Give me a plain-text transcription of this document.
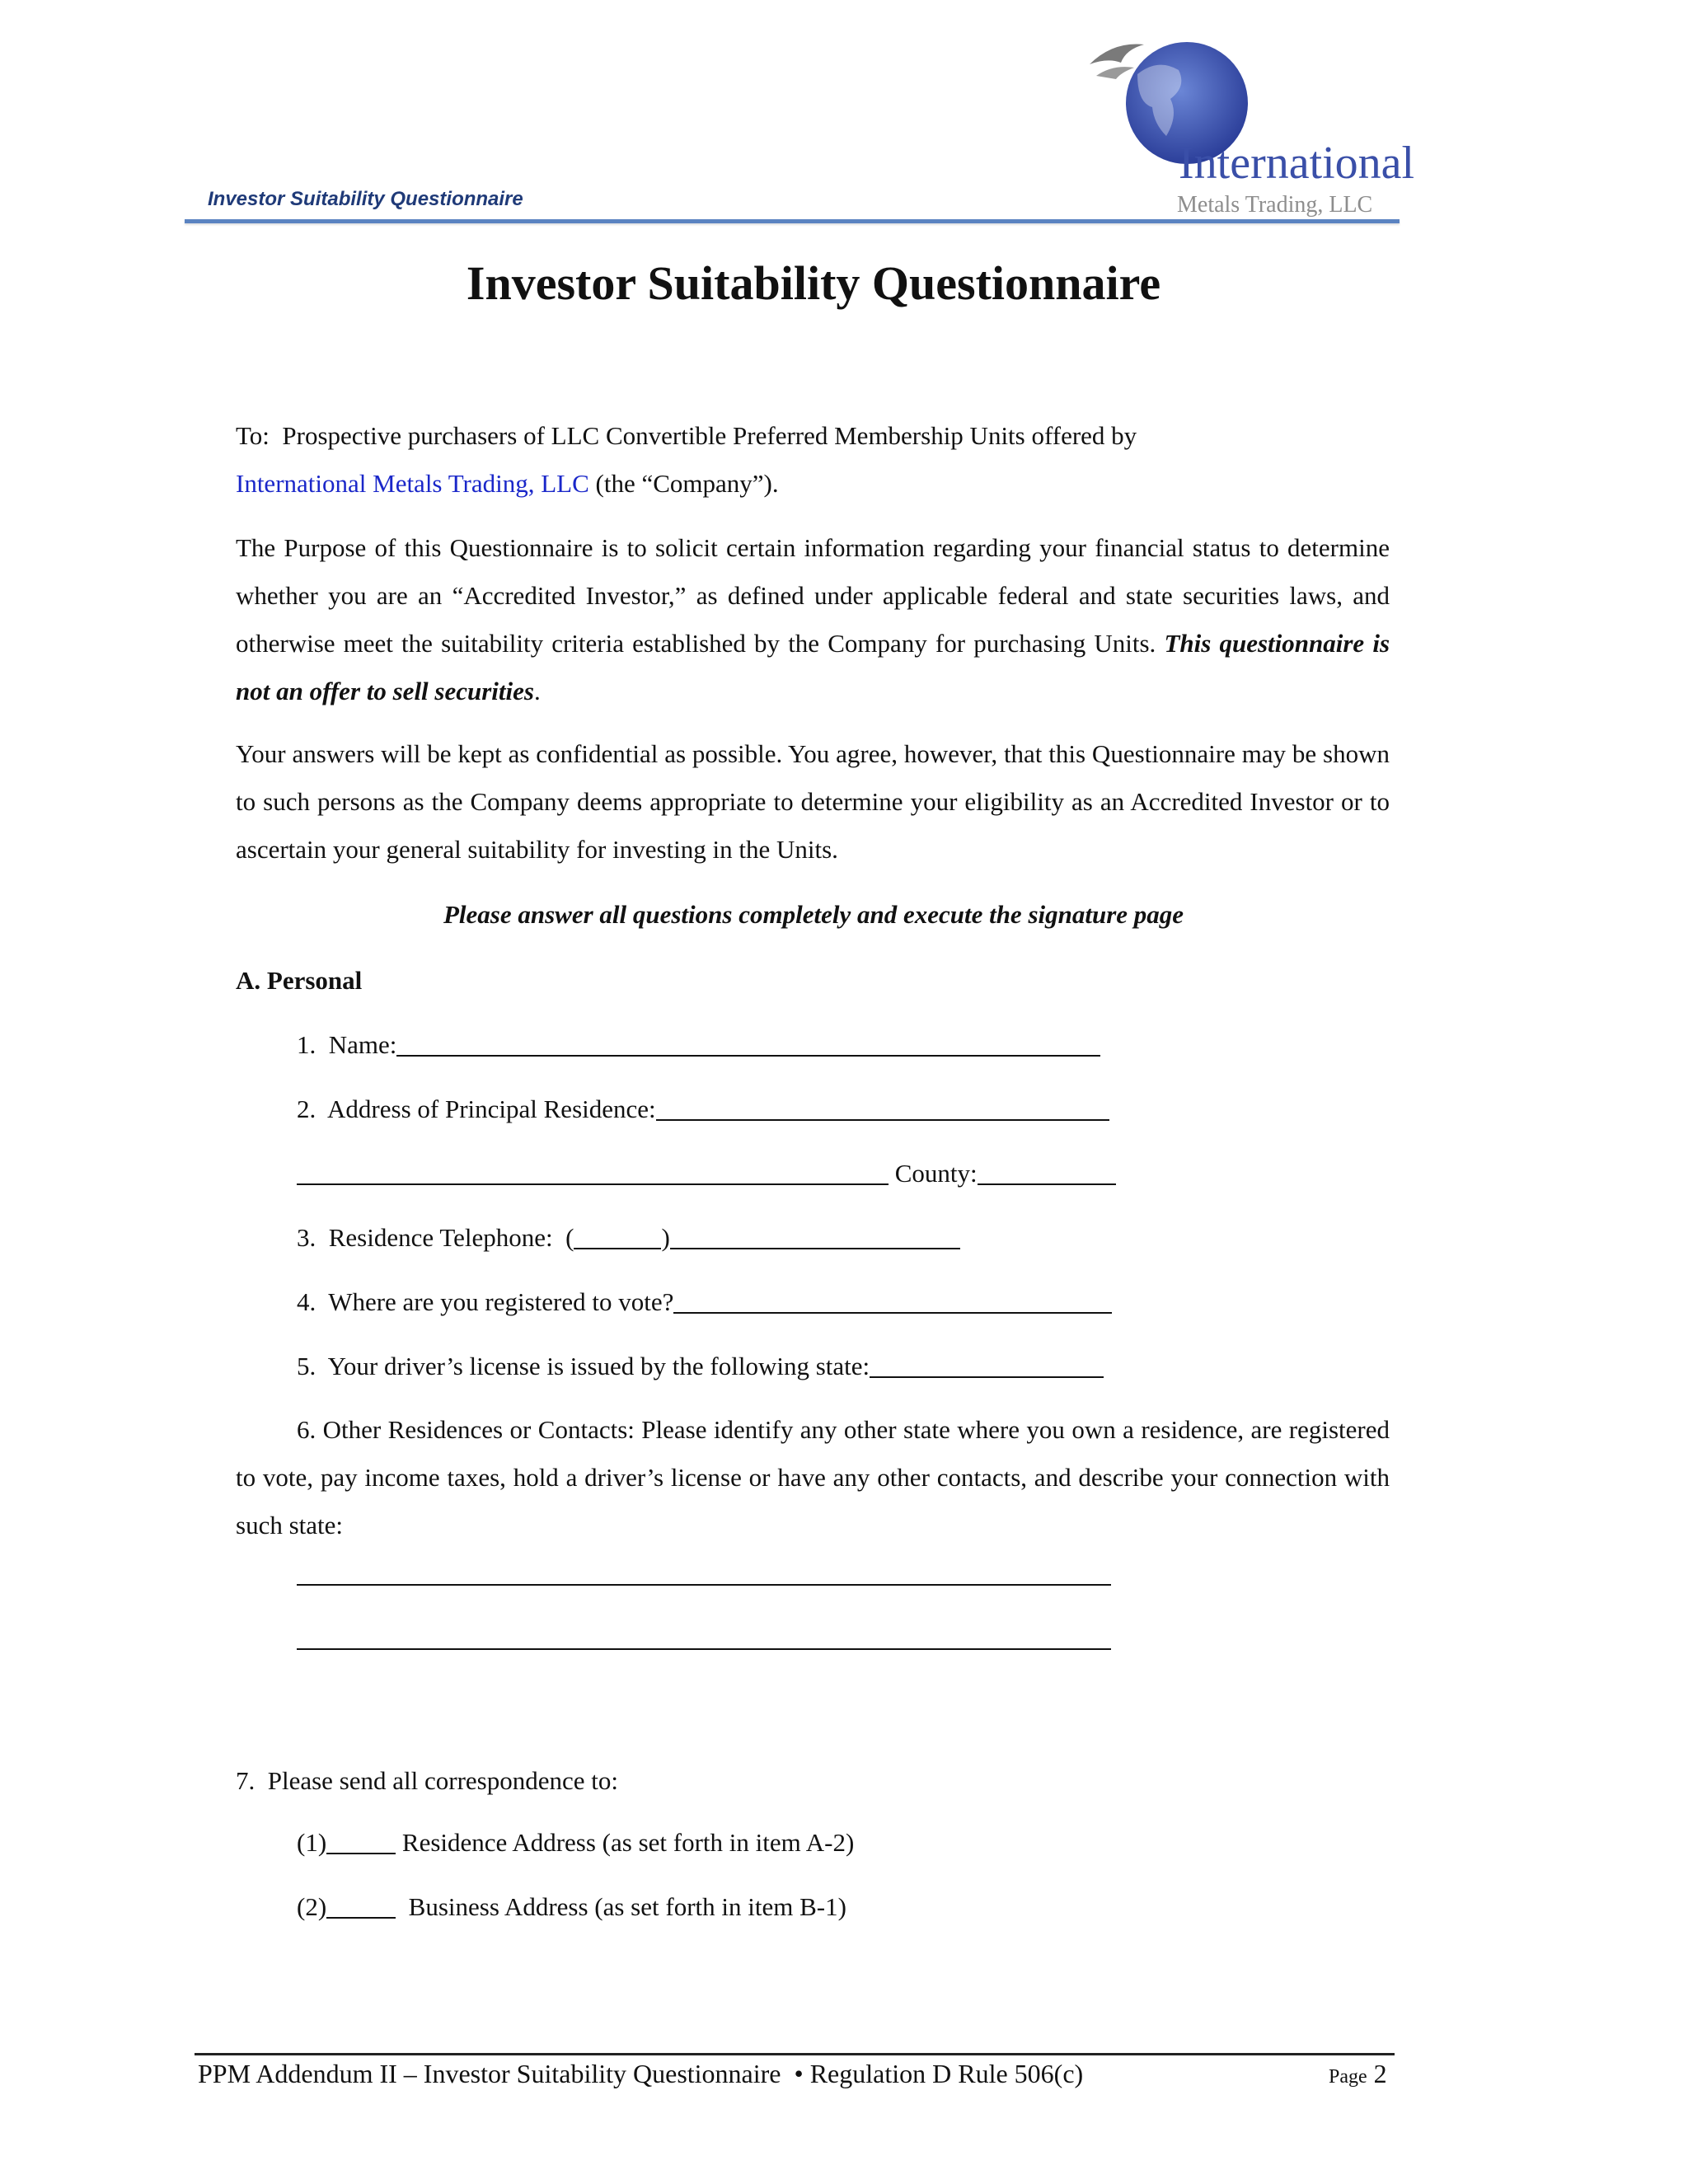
International
Metals Trading, LLC
Investor Suitability Questionnaire
Investor Suitability Questionnaire
To: Prospective purchasers of LLC Convertible Preferred Membership Units offered by
International Metals Trading, LLC (the “Company”).

The Purpose of this Questionnaire is to solicit certain information regarding your financial status to determine whether you are an “Accredited Investor,” as defined under applicable federal and state securities laws, and otherwise meet the suitability criteria established by the Company for purchasing Units. This questionnaire is not an offer to sell securities.

Your answers will be kept as confidential as possible. You agree, however, that this Questionnaire may be shown to such persons as the Company deems appropriate to determine your eligibility as an Accredited Investor or to ascertain your general suitability for investing in the Units.

Please answer all questions completely and execute the signature page
A. Personal
1.  Name:
2.  Address of Principal Residence:
County:
3.  Residence Telephone:  (	)
4.  Where are you registered to vote?
5.  Your driver’s license is issued by the following state:

6. Other Residences or Contacts: Please identify any other state where you own a residence, are registered to vote, pay income taxes, hold a driver’s license or have any other contacts, and describe your connection with such state:

7.  Please send all correspondence to:
(1)	Residence Address (as set forth in item A-2)
(2)	Business Address (as set forth in item B-1)
PPM Addendum II – Investor Suitability Questionnaire  • Regulation D Rule 506(c)	Page 2
